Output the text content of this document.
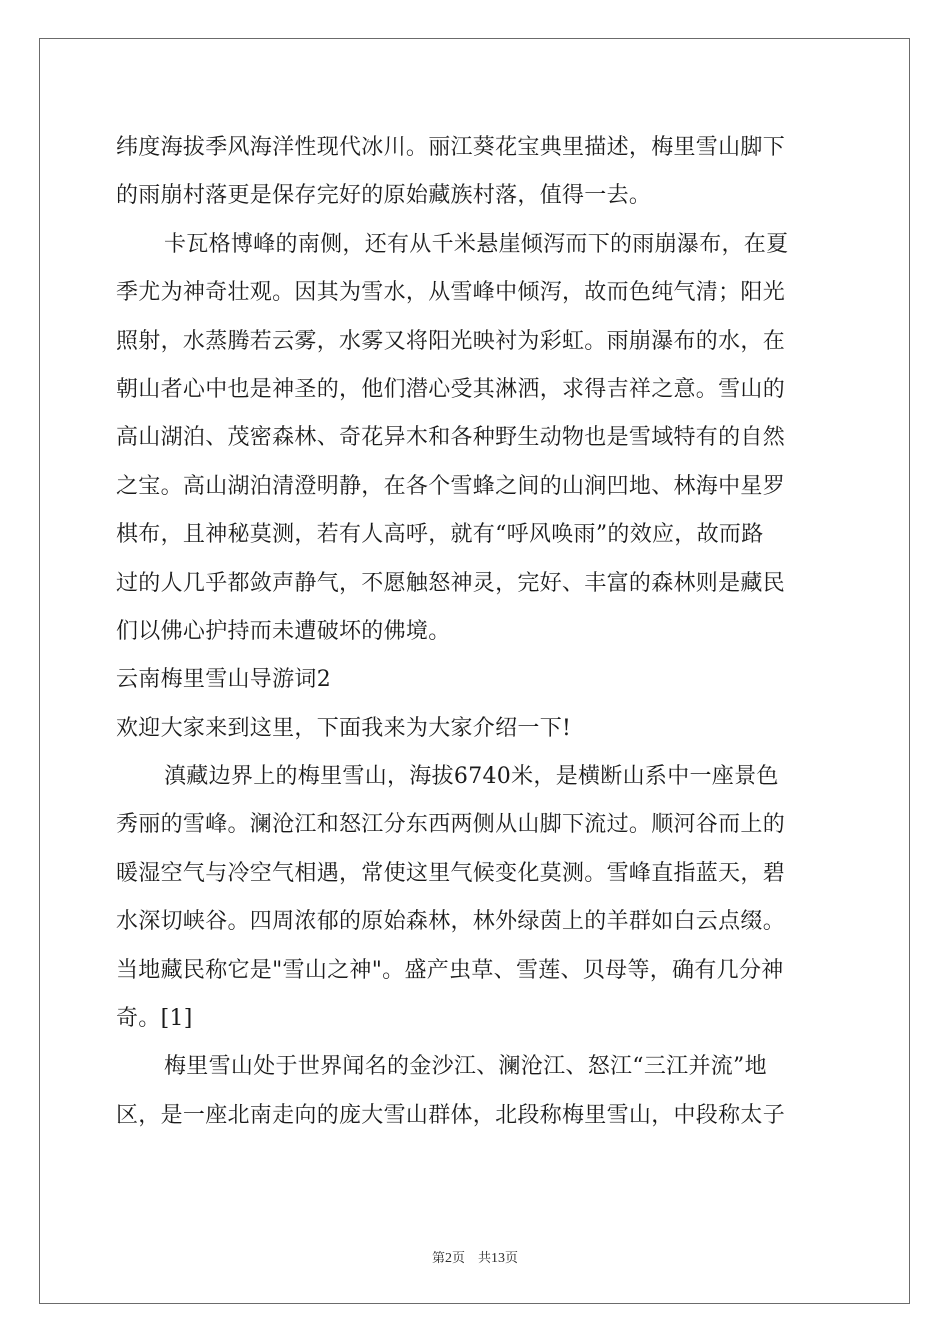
纬度海拔季风海洋性现代冰川。丽江葵花宝典里描述，梅里雪山脚下
的雨崩村落更是保存完好的原始藏族村落，值得一去。
卡瓦格博峰的南侧，还有从千米悬崖倾泻而下的雨崩瀑布，在夏
季尤为神奇壮观。因其为雪水，从雪峰中倾泻，故而色纯气清；阳光
照射，水蒸腾若云雾，水雾又将阳光映衬为彩虹。雨崩瀑布的水，在
朝山者心中也是神圣的，他们潜心受其淋洒，求得吉祥之意。雪山的
高山湖泊、茂密森林、奇花异木和各种野生动物也是雪域特有的自然
之宝。高山湖泊清澄明静，在各个雪蜂之间的山涧凹地、林海中星罗
棋布，且神秘莫测，若有人高呼，就有“呼风唤雨”的效应，故而路
过的人几乎都敛声静气，不愿触怒神灵，完好、丰富的森林则是藏民
们以佛心护持而未遭破坏的佛境。
云南梅里雪山导游词2
欢迎大家来到这里，下面我来为大家介绍一下!
滇藏边界上的梅里雪山，海拔6740米，是横断山系中一座景色
秀丽的雪峰。澜沧江和怒江分东西两侧从山脚下流过。顺河谷而上的
暖湿空气与冷空气相遇，常使这里气候变化莫测。雪峰直指蓝天，碧
水深切峡谷。四周浓郁的原始森林，林外绿茵上的羊群如白云点缀。
当地藏民称它是"雪山之神"。盛产虫草、雪莲、贝母等，确有几分神
奇。[1]
梅里雪山处于世界闻名的金沙江、澜沧江、怒江“三江并流”地
区，是一座北南走向的庞大雪山群体，北段称梅里雪山，中段称太子
第2页　共13页
